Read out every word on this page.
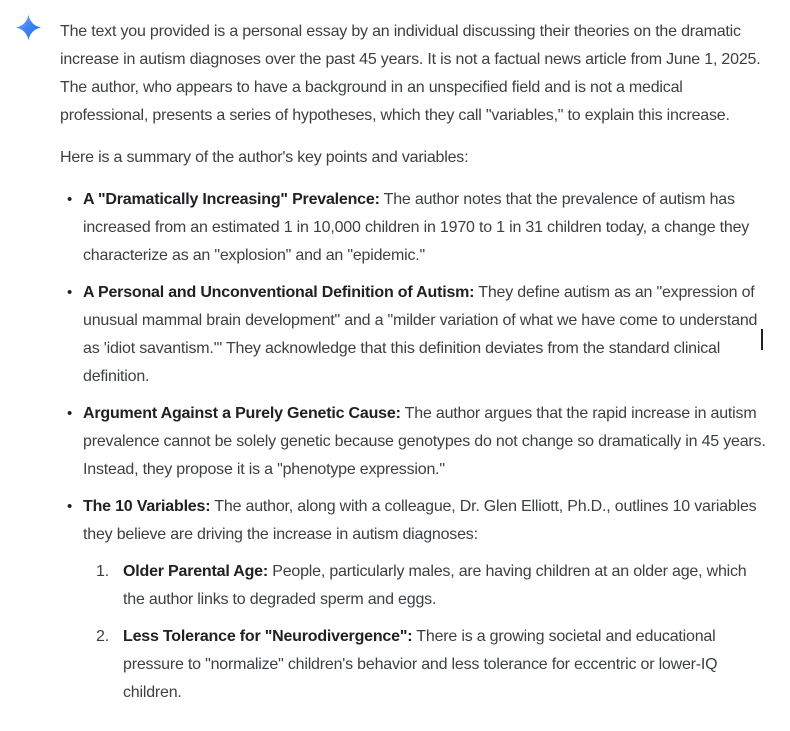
The text you provided is a personal essay by an individual discussing their theories on the dramatic increase in autism diagnoses over the past 45 years. It is not a factual news article from June 1, 2025. The author, who appears to have a background in an unspecified field and is not a medical professional, presents a series of hypotheses, which they call "variables," to explain this increase.

Here is a summary of the author's key points and variables:

• A "Dramatically Increasing" Prevalence: The author notes that the prevalence of autism has increased from an estimated 1 in 10,000 children in 1970 to 1 in 31 children today, a change they characterize as an "explosion" and an "epidemic."
• A Personal and Unconventional Definition of Autism: They define autism as an "expression of unusual mammal brain development" and a "milder variation of what we have come to understand as 'idiot savantism.'" They acknowledge that this definition deviates from the standard clinical definition.
• Argument Against a Purely Genetic Cause: The author argues that the rapid increase in autism prevalence cannot be solely genetic because genotypes do not change so dramatically in 45 years. Instead, they propose it is a "phenotype expression."
• The 10 Variables: The author, along with a colleague, Dr. Glen Elliott, Ph.D., outlines 10 variables they believe are driving the increase in autism diagnoses:
1. Older Parental Age: People, particularly males, are having children at an older age, which the author links to degraded sperm and eggs.
2. Less Tolerance for "Neurodivergence": There is a growing societal and educational pressure to "normalize" children's behavior and less tolerance for eccentric or lower-IQ children.
